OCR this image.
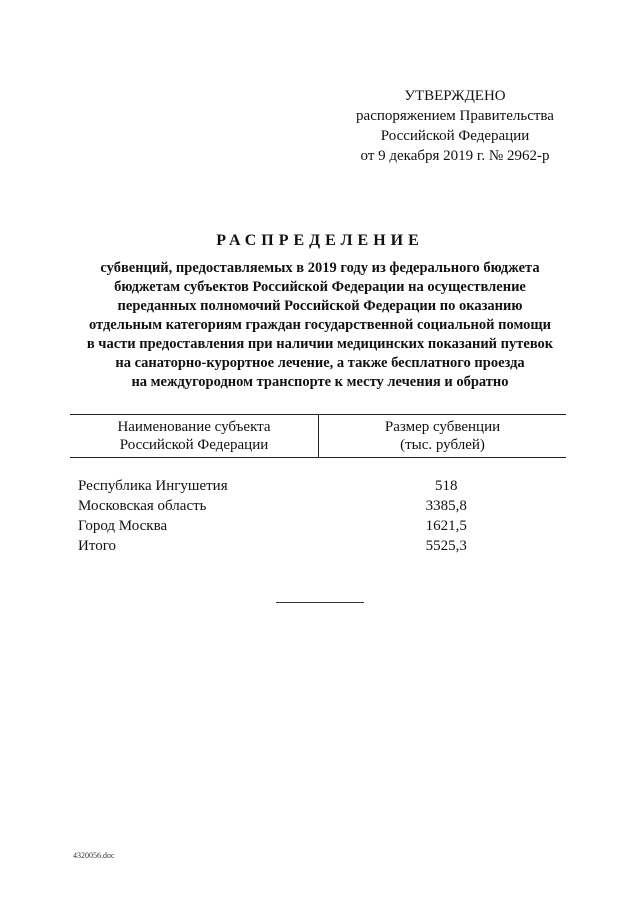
УТВЕРЖДЕНО
распоряжением Правительства
Российской Федерации
от 9 декабря 2019 г. № 2962-р
РАСПРЕДЕЛЕНИЕ
субвенций, предоставляемых в 2019 году из федерального бюджета
бюджетам субъектов Российской Федерации на осуществление
переданных полномочий Российской Федерации по оказанию
отдельным категориям граждан государственной социальной помощи
в части предоставления при наличии медицинских показаний путевок
на санаторно-курортное лечение, а также бесплатного проезда
на междугородном транспорте к месту лечения и обратно
Наименование субъекта
Российской Федерации	Размер субвенции
(тыс. рублей)

Республика Ингушетия	518
Московская область	3385,8
Город Москва	1621,5
Итого	5525,3
4320056.doc
